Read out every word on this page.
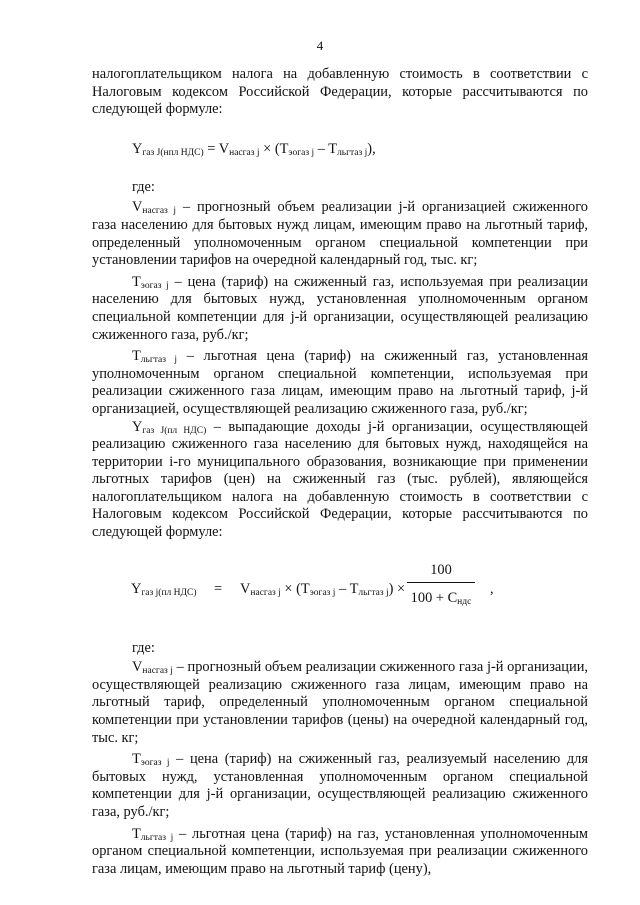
4

налогоплательщиком налога на добавленную стоимость в соответствии с Налоговым кодексом Российской Федерации, которые рассчитываются по следующей формуле:

$Y_{газ J(нпл НДС)} = V_{насгаз j} \times (T_{эогаз j} - T_{льгтаз j})$,
где:

$V_{насгаз j}$ – прогнозный объем реализации j-й организацией сжиженного газа населению для бытовых нужд лицам, имеющим право на льготный тариф, определенный уполномоченным органом специальной компетенции при установлении тарифов на очередной календарный год, тыс. кг;

$T_{эогаз j}$ – цена (тариф) на сжиженный газ, используемая при реализации населению для бытовых нужд, установленная уполномоченным органом специальной компетенции для j-й организации, осуществляющей реализацию сжиженного газа, руб./кг;

$T_{льгтаз j}$ – льготная цена (тариф) на сжиженный газ, установленная уполномоченным органом специальной компетенции, используемая при реализации сжиженного газа лицам, имеющим право на льготный тариф, j-й организацией, осуществляющей реализацию сжиженного газа, руб./кг;

$Y_{газ J(пл НДС)}$ – выпадающие доходы j-й организации, осуществляющей реализацию сжиженного газа населению для бытовых нужд, находящейся на территории i-го муниципального образования, возникающие при применении льготных тарифов (цен) на сжиженный газ (тыс. рублей), являющейся налогоплательщиком налога на добавленную стоимость в соответствии с Налоговым кодексом Российской Федерации, которые рассчитываются по следующей формуле:

$Y_{газ j(пл НДС)} = V_{насгаз j} \times (T_{эогаз j} - T_{льгтаз j})$ ×
100
$100 + C_{ндс}$
,
где:

$V_{насгаз j}$ – прогнозный объем реализации сжиженного газа j-й организации, осуществляющей реализацию сжиженного газа лицам, имеющим право на льготный тариф, определенный уполномоченным органом специальной компетенции при установлении тарифов (цены) на очередной календарный год, тыс. кг;

$T_{эогаз j}$ – цена (тариф) на сжиженный газ, реализуемый населению для бытовых нужд, установленная уполномоченным органом специальной компетенции для j-й организации, осуществляющей реализацию сжиженного газа, руб./кг;

$T_{льгтаз j}$ – льготная цена (тариф) на газ, установленная уполномоченным органом специальной компетенции, используемая при реализации сжиженного газа лицам, имеющим право на льготный тариф (цену),
